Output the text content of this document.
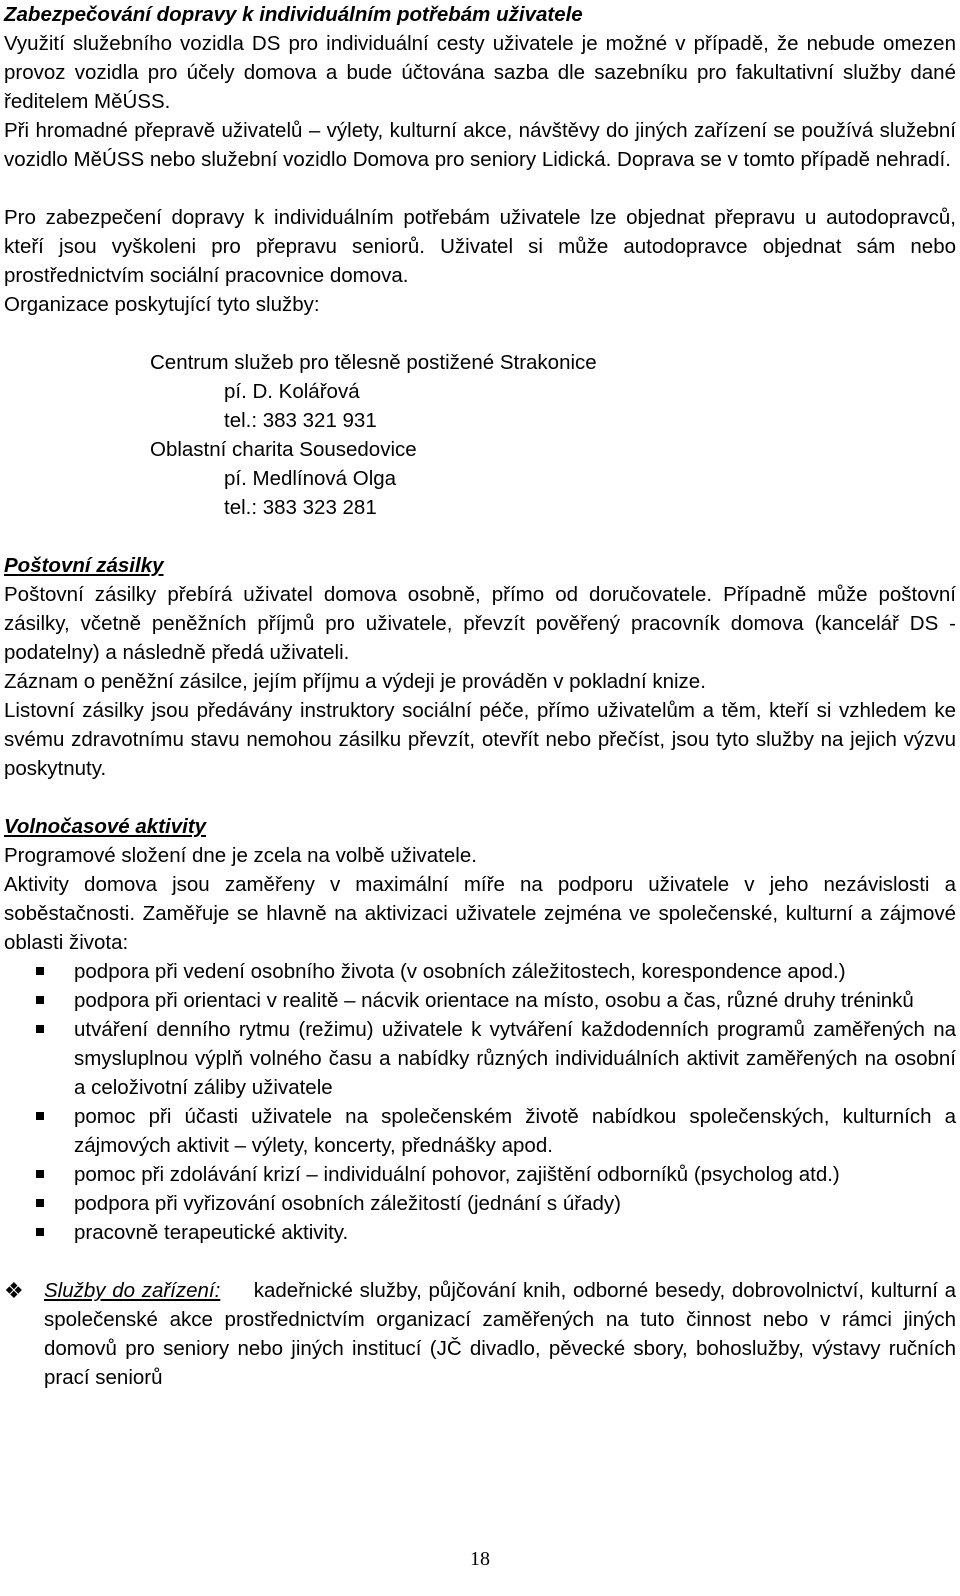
Zabezpečování dopravy k individuálním potřebám uživatele

Využití služebního vozidla DS pro individuální cesty uživatele je možné v případě, že nebude omezen provoz vozidla pro účely domova a bude účtována sazba dle sazebníku pro fakultativní služby dané ředitelem MěÚSS.

Při hromadné přepravě uživatelů – výlety, kulturní akce, návštěvy do jiných zařízení se používá služební vozidlo MěÚSS nebo služební vozidlo Domova pro seniory Lidická. Doprava se v tomto případě nehradí.

Pro zabezpečení dopravy k individuálním potřebám uživatele lze objednat přepravu u autodopravců, kteří jsou vyškoleni pro přepravu seniorů. Uživatel si může autodopravce objednat sám nebo prostřednictvím sociální pracovnice domova.

Organizace poskytující tyto služby:

Centrum služeb pro tělesně postižené Strakonice

pí. D. Kolářová

tel.: 383 321 931

Oblastní charita Sousedovice

pí. Medlínová Olga

tel.: 383 323 281

Poštovní zásilky

Poštovní zásilky přebírá uživatel domova osobně, přímo od doručovatele. Případně může poštovní zásilky, včetně peněžních příjmů pro uživatele, převzít pověřený pracovník domova (kancelář DS - podatelny) a následně předá uživateli.

Záznam o peněžní zásilce, jejím příjmu a výdeji je prováděn v pokladní knize.

Listovní zásilky jsou předávány instruktory sociální péče, přímo uživatelům a těm, kteří si vzhledem ke svému zdravotnímu stavu nemohou zásilku převzít, otevřít nebo přečíst, jsou tyto služby na jejich výzvu poskytnuty.

Volnočasové aktivity

Programové složení dne je zcela na volbě uživatele.

Aktivity domova jsou zaměřeny v maximální míře na podporu uživatele v jeho nezávislosti a soběstačnosti. Zaměřuje se hlavně na aktivizaci uživatele zejména ve společenské, kulturní a zájmové oblasti života:

podpora při vedení osobního života (v osobních záležitostech, korespondence apod.)
podpora při orientaci v realitě – nácvik orientace na místo, osobu a čas, různé druhy tréninků
utváření denního rytmu (režimu) uživatele k vytváření každodenních programů zaměřených na smysluplnou výplň volného času a nabídky různých individuálních aktivit zaměřených na osobní a celoživotní záliby uživatele
pomoc při účasti uživatele na společenském životě nabídkou společenských, kulturních a zájmových aktivit – výlety, koncerty, přednášky apod.
pomoc při zdolávání krizí – individuální pohovor, zajištění odborníků (psycholog atd.)
podpora při vyřizování osobních záležitostí (jednání s úřady)
pracovně terapeutické aktivity.
❖ Služby do zařízení: kadeřnické služby, půjčování knih, odborné besedy, dobrovolnictví, kulturní a společenské akce prostřednictvím organizací zaměřených na tuto činnost nebo v rámci jiných domovů pro seniory nebo jiných institucí (JČ divadlo, pěvecké sbory, bohoslužby, výstavy ručních prací seniorů
18
